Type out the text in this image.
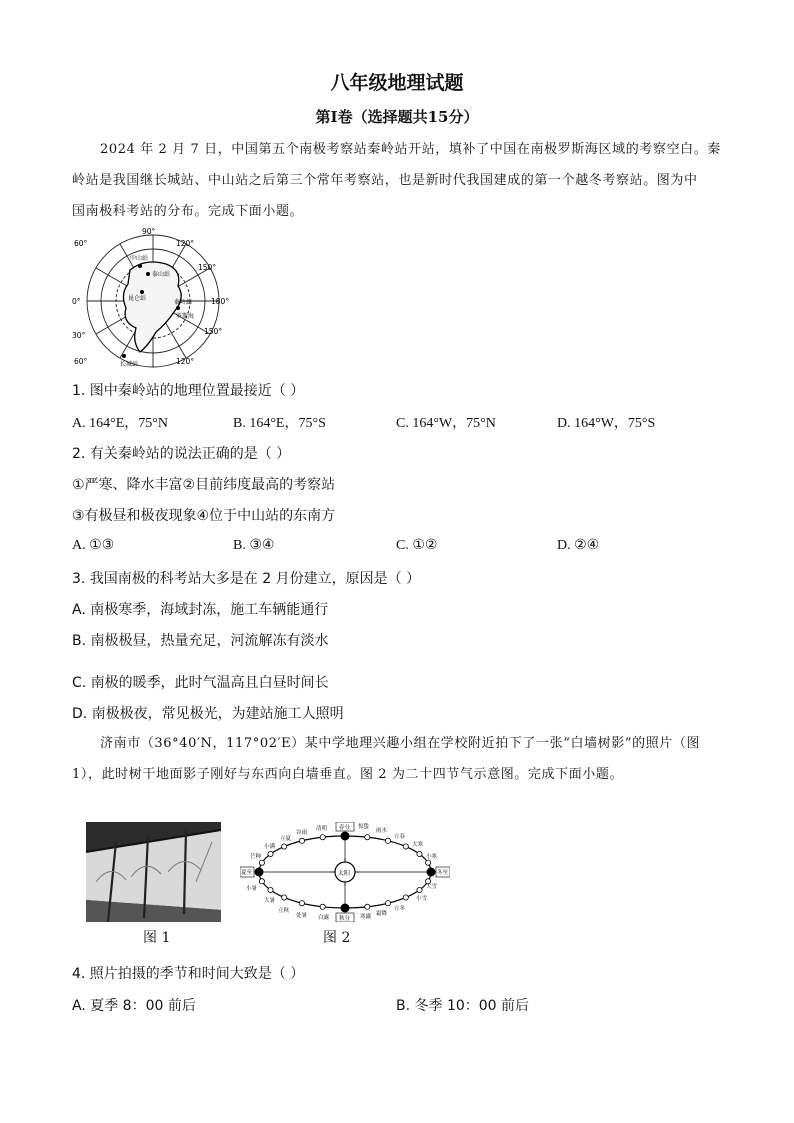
八年级地理试题
第Ⅰ卷（选择题共15分）
2024 年 2 月 7 日，中国第五个南极考察站秦岭站开站，填补了中国在南极罗斯海区域的考察空白。秦
岭站是我国继长城站、中山站之后第三个常年考察站，也是新时代我国建成的第一个越冬考察站。图为中
国南极科考站的分布。完成下面小题。
90°
120°
60°
150°
0°	180°
30°	150°
60°	120°
中山站
泰山站
昆仑站
秦岭站
罗斯海
长城站
1. 图中秦岭站的地理位置最接近（ ）
A. 164°E，75°N	B. 164°E，75°S	C. 164°W，75°N	D. 164°W，75°S
2. 有关秦岭站的说法正确的是（ ）
①严寒、降水丰富②目前纬度最高的考察站
③有极昼和极夜现象④位于中山站的东南方
A. ①③	B. ③④	C. ①②	D. ②④
3. 我国南极的科考站大多是在 2 月份建立，原因是（ ）
A. 南极寒季，海域封冻，施工车辆能通行
B. 南极极昼，热量充足，河流解冻有淡水
C. 南极的暖季，此时气温高且白昼时间长
D. 南极极夜，常见极光，为建站施工人照明
济南市（36°40′N，117°02′E）某中学地理兴趣小组在学校附近拍下了一张“白墙树影”的照片（图
1），此时树干地面影子刚好与东西向白墙垂直。图 2 为二十四节气示意图。完成下面小题。
图 1
太阳
春分
秋分
夏至	冬至
清明
谷雨
立夏
小满
芒种
小暑
大暑
立秋
处暑 白露	寒露 霜降
立冬
小雪
大雪
小寒
大寒
立春
雨水
惊蛰
图 2
4. 照片拍摄的季节和时间大致是（ ）
A. 夏季 8：00 前后	B. 冬季 10：00 前后
